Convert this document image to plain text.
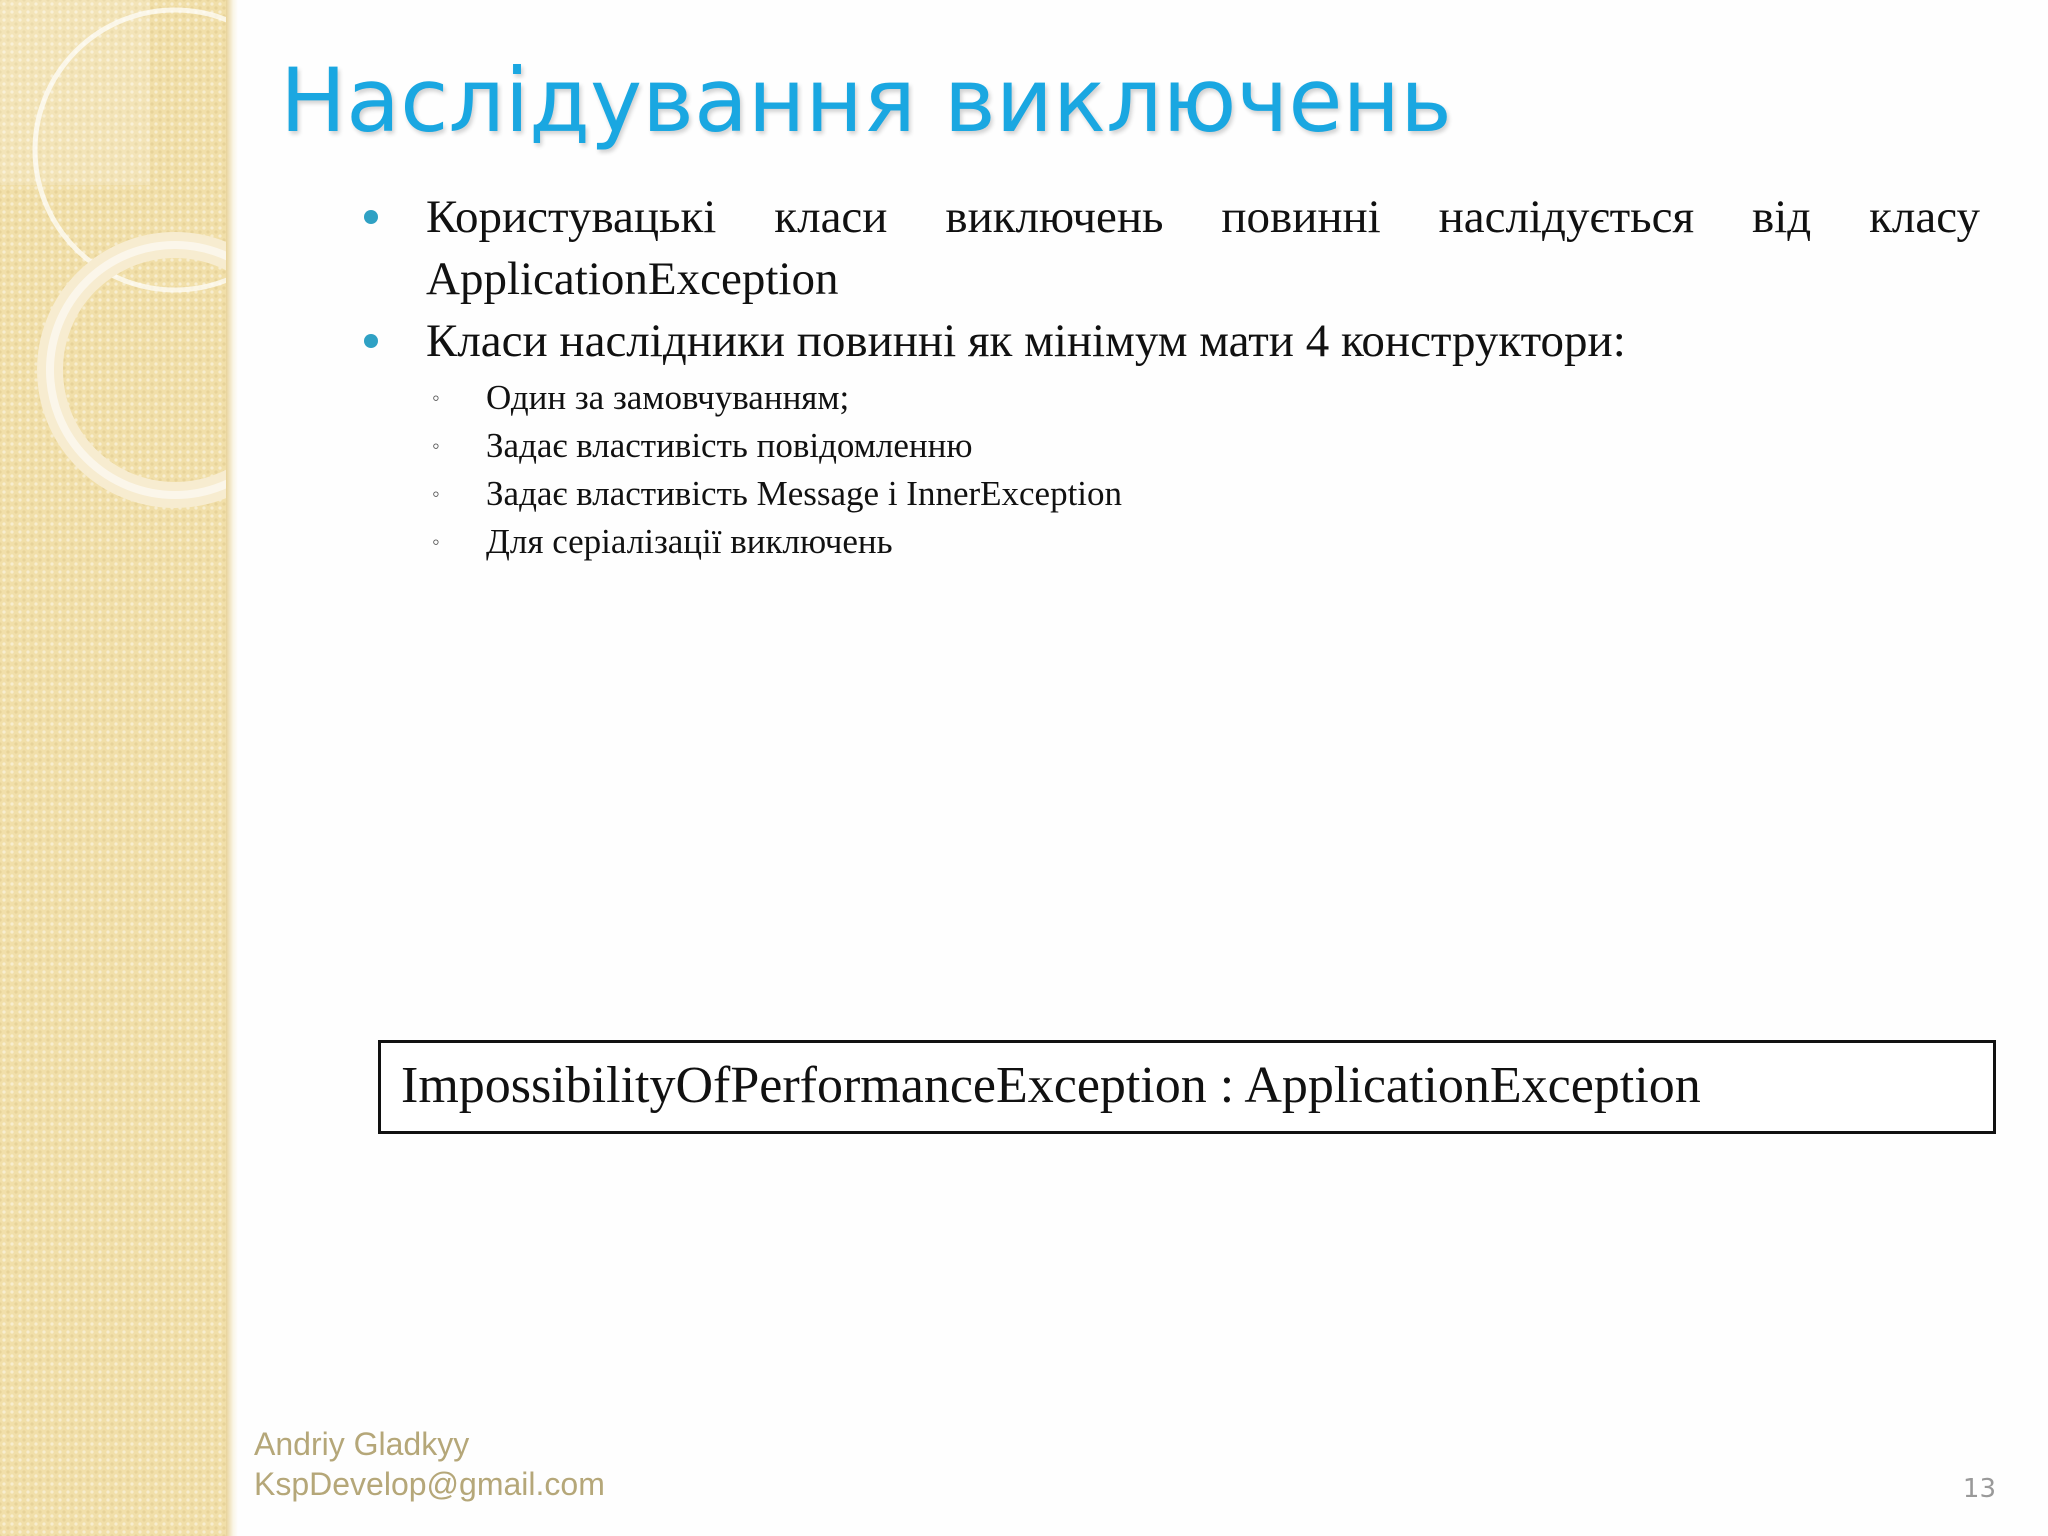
Наслідування виключень
Користувацькі класи виключень повинні наслідується від класу ApplicationException
Класи наслідники повинні як мінімум мати 4 конструктори:
◦ Один за замовчуванням;
◦ Задає властивість повідомленню
◦ Задає властивість Message і InnerException
◦ Для серіалізації виключень
ImpossibilityOfPerformanceException : ApplicationException
Andriy Gladkyy
KspDevelop@gmail.com	13
